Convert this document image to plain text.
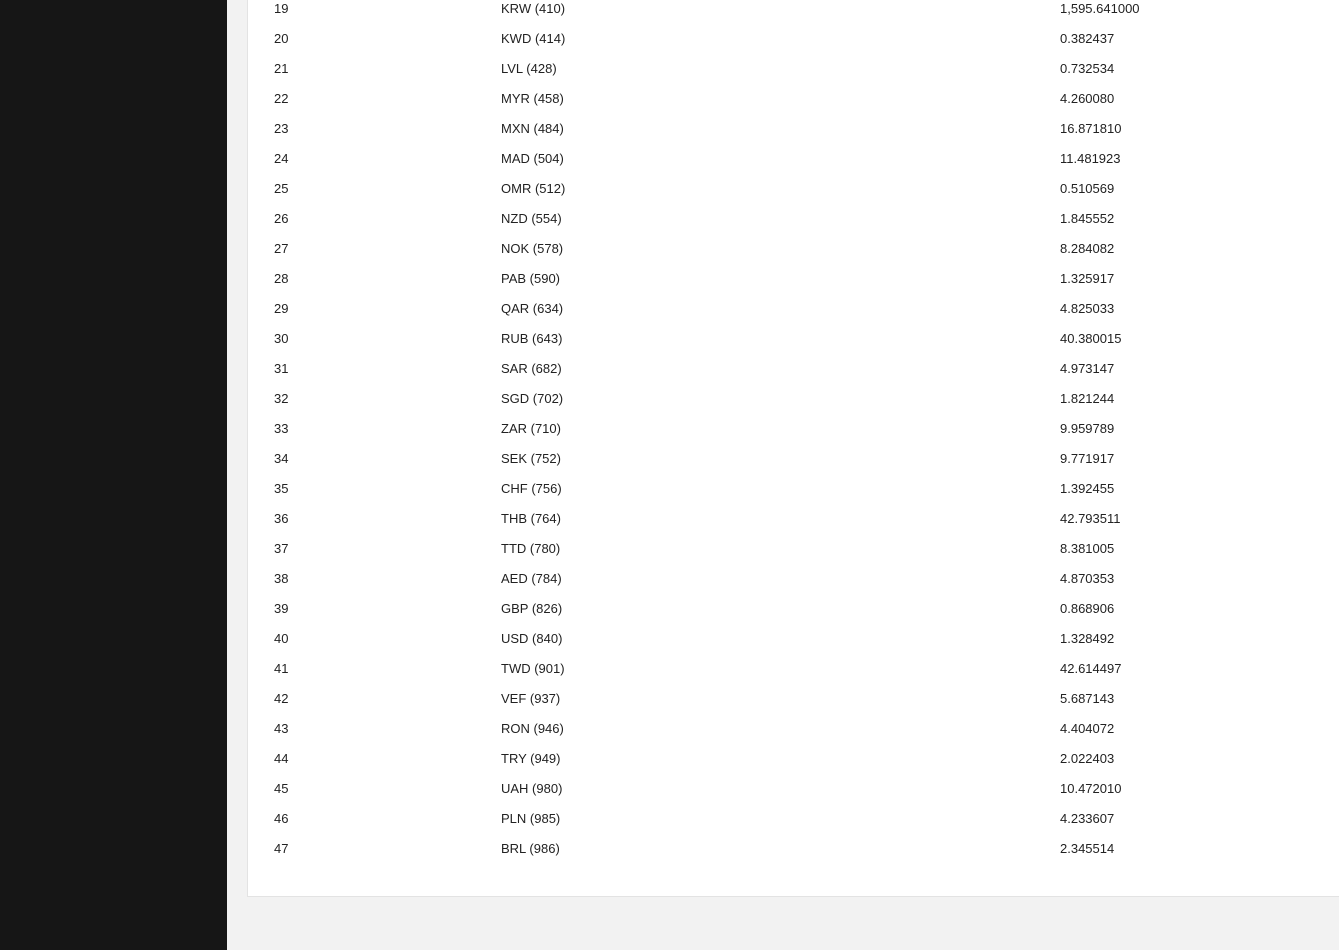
19	KRW (410)	1,595.641000
20	KWD (414)	0.382437
21	LVL (428)	0.732534
22	MYR (458)	4.260080
23	MXN (484)	16.871810
24	MAD (504)	11.481923
25	OMR (512)	0.510569
26	NZD (554)	1.845552
27	NOK (578)	8.284082
28	PAB (590)	1.325917
29	QAR (634)	4.825033
30	RUB (643)	40.380015
31	SAR (682)	4.973147
32	SGD (702)	1.821244
33	ZAR (710)	9.959789
34	SEK (752)	9.771917
35	CHF (756)	1.392455
36	THB (764)	42.793511
37	TTD (780)	8.381005
38	AED (784)	4.870353
39	GBP (826)	0.868906
40	USD (840)	1.328492
41	TWD (901)	42.614497
42	VEF (937)	5.687143
43	RON (946)	4.404072
44	TRY (949)	2.022403
45	UAH (980)	10.472010
46	PLN (985)	4.233607
47	BRL (986)	2.345514
